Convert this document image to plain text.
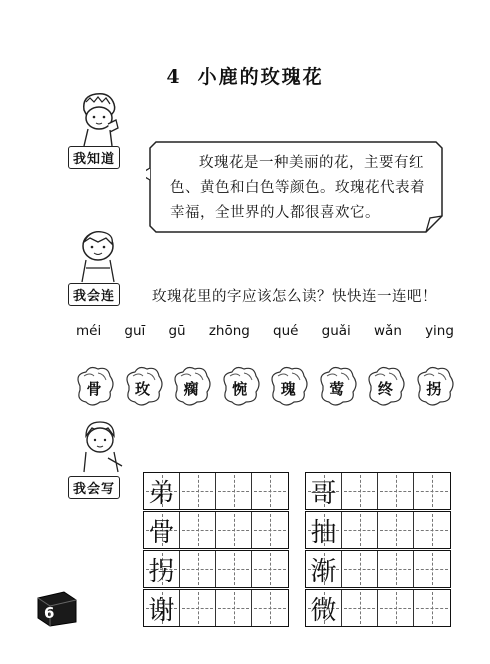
4 小鹿的玫瑰花
我知道	玫瑰花是一种美丽的花，主要有红色、黄色和白色等颜色。玫瑰花代表着幸福，全世界的人都很喜欢它。
我会连	玫瑰花里的字应该怎么读？快快连一连吧！
méi guī gū zhōng qué guǎi wǎn ying
骨	玫	瘸	惋	瑰	莺	终	拐
我会写 弟
骨
拐
谢
哥
抽
渐
微
6
